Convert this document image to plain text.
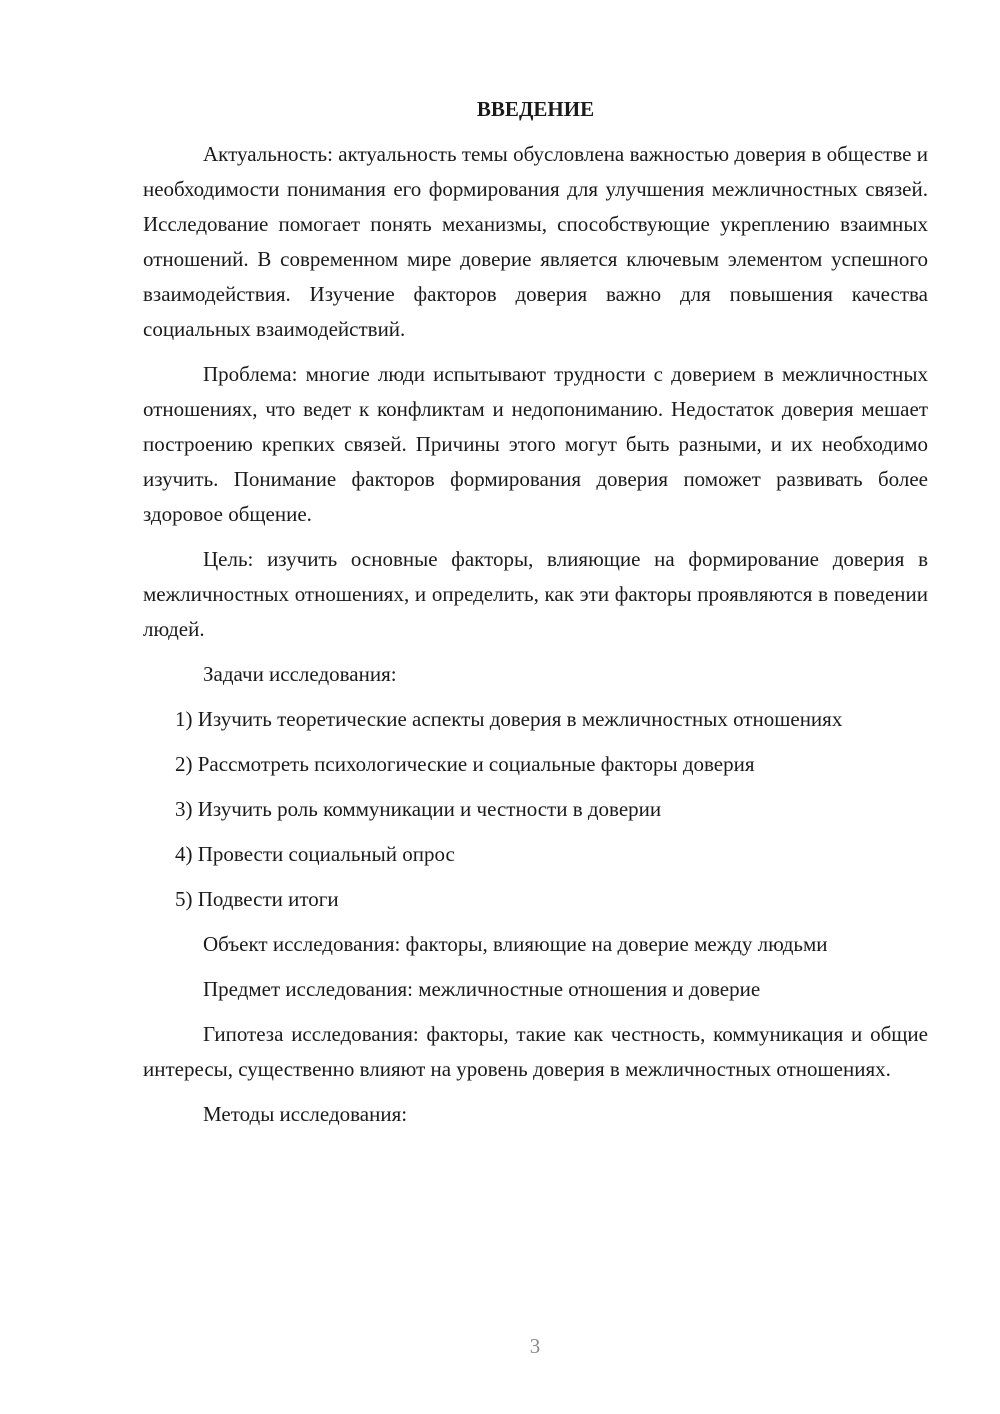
ВВЕДЕНИЕ

Актуальность: актуальность темы обусловлена важностью доверия в обществе и необходимости понимания его формирования для улучшения межличностных связей. Исследование помогает понять механизмы, способствующие укреплению взаимных отношений. В современном мире доверие является ключевым элементом успешного взаимодействия. Изучение факторов доверия важно для повышения качества социальных взаимодействий.

Проблема: многие люди испытывают трудности с доверием в межличностных отношениях, что ведет к конфликтам и недопониманию. Недостаток доверия мешает построению крепких связей. Причины этого могут быть разными, и их необходимо изучить. Понимание факторов формирования доверия поможет развивать более здоровое общение.

Цель: изучить основные факторы, влияющие на формирование доверия в межличностных отношениях, и определить, как эти факторы проявляются в поведении людей.

Задачи исследования:

1) Изучить теоретические аспекты доверия в межличностных отношениях

2) Рассмотреть психологические и социальные факторы доверия

3) Изучить роль коммуникации и честности в доверии

4) Провести социальный опрос

5) Подвести итоги

Объект исследования: факторы, влияющие на доверие между людьми

Предмет исследования: межличностные отношения и доверие

Гипотеза исследования: факторы, такие как честность, коммуникация и общие интересы, существенно влияют на уровень доверия в межличностных отношениях.

Методы исследования:

3
